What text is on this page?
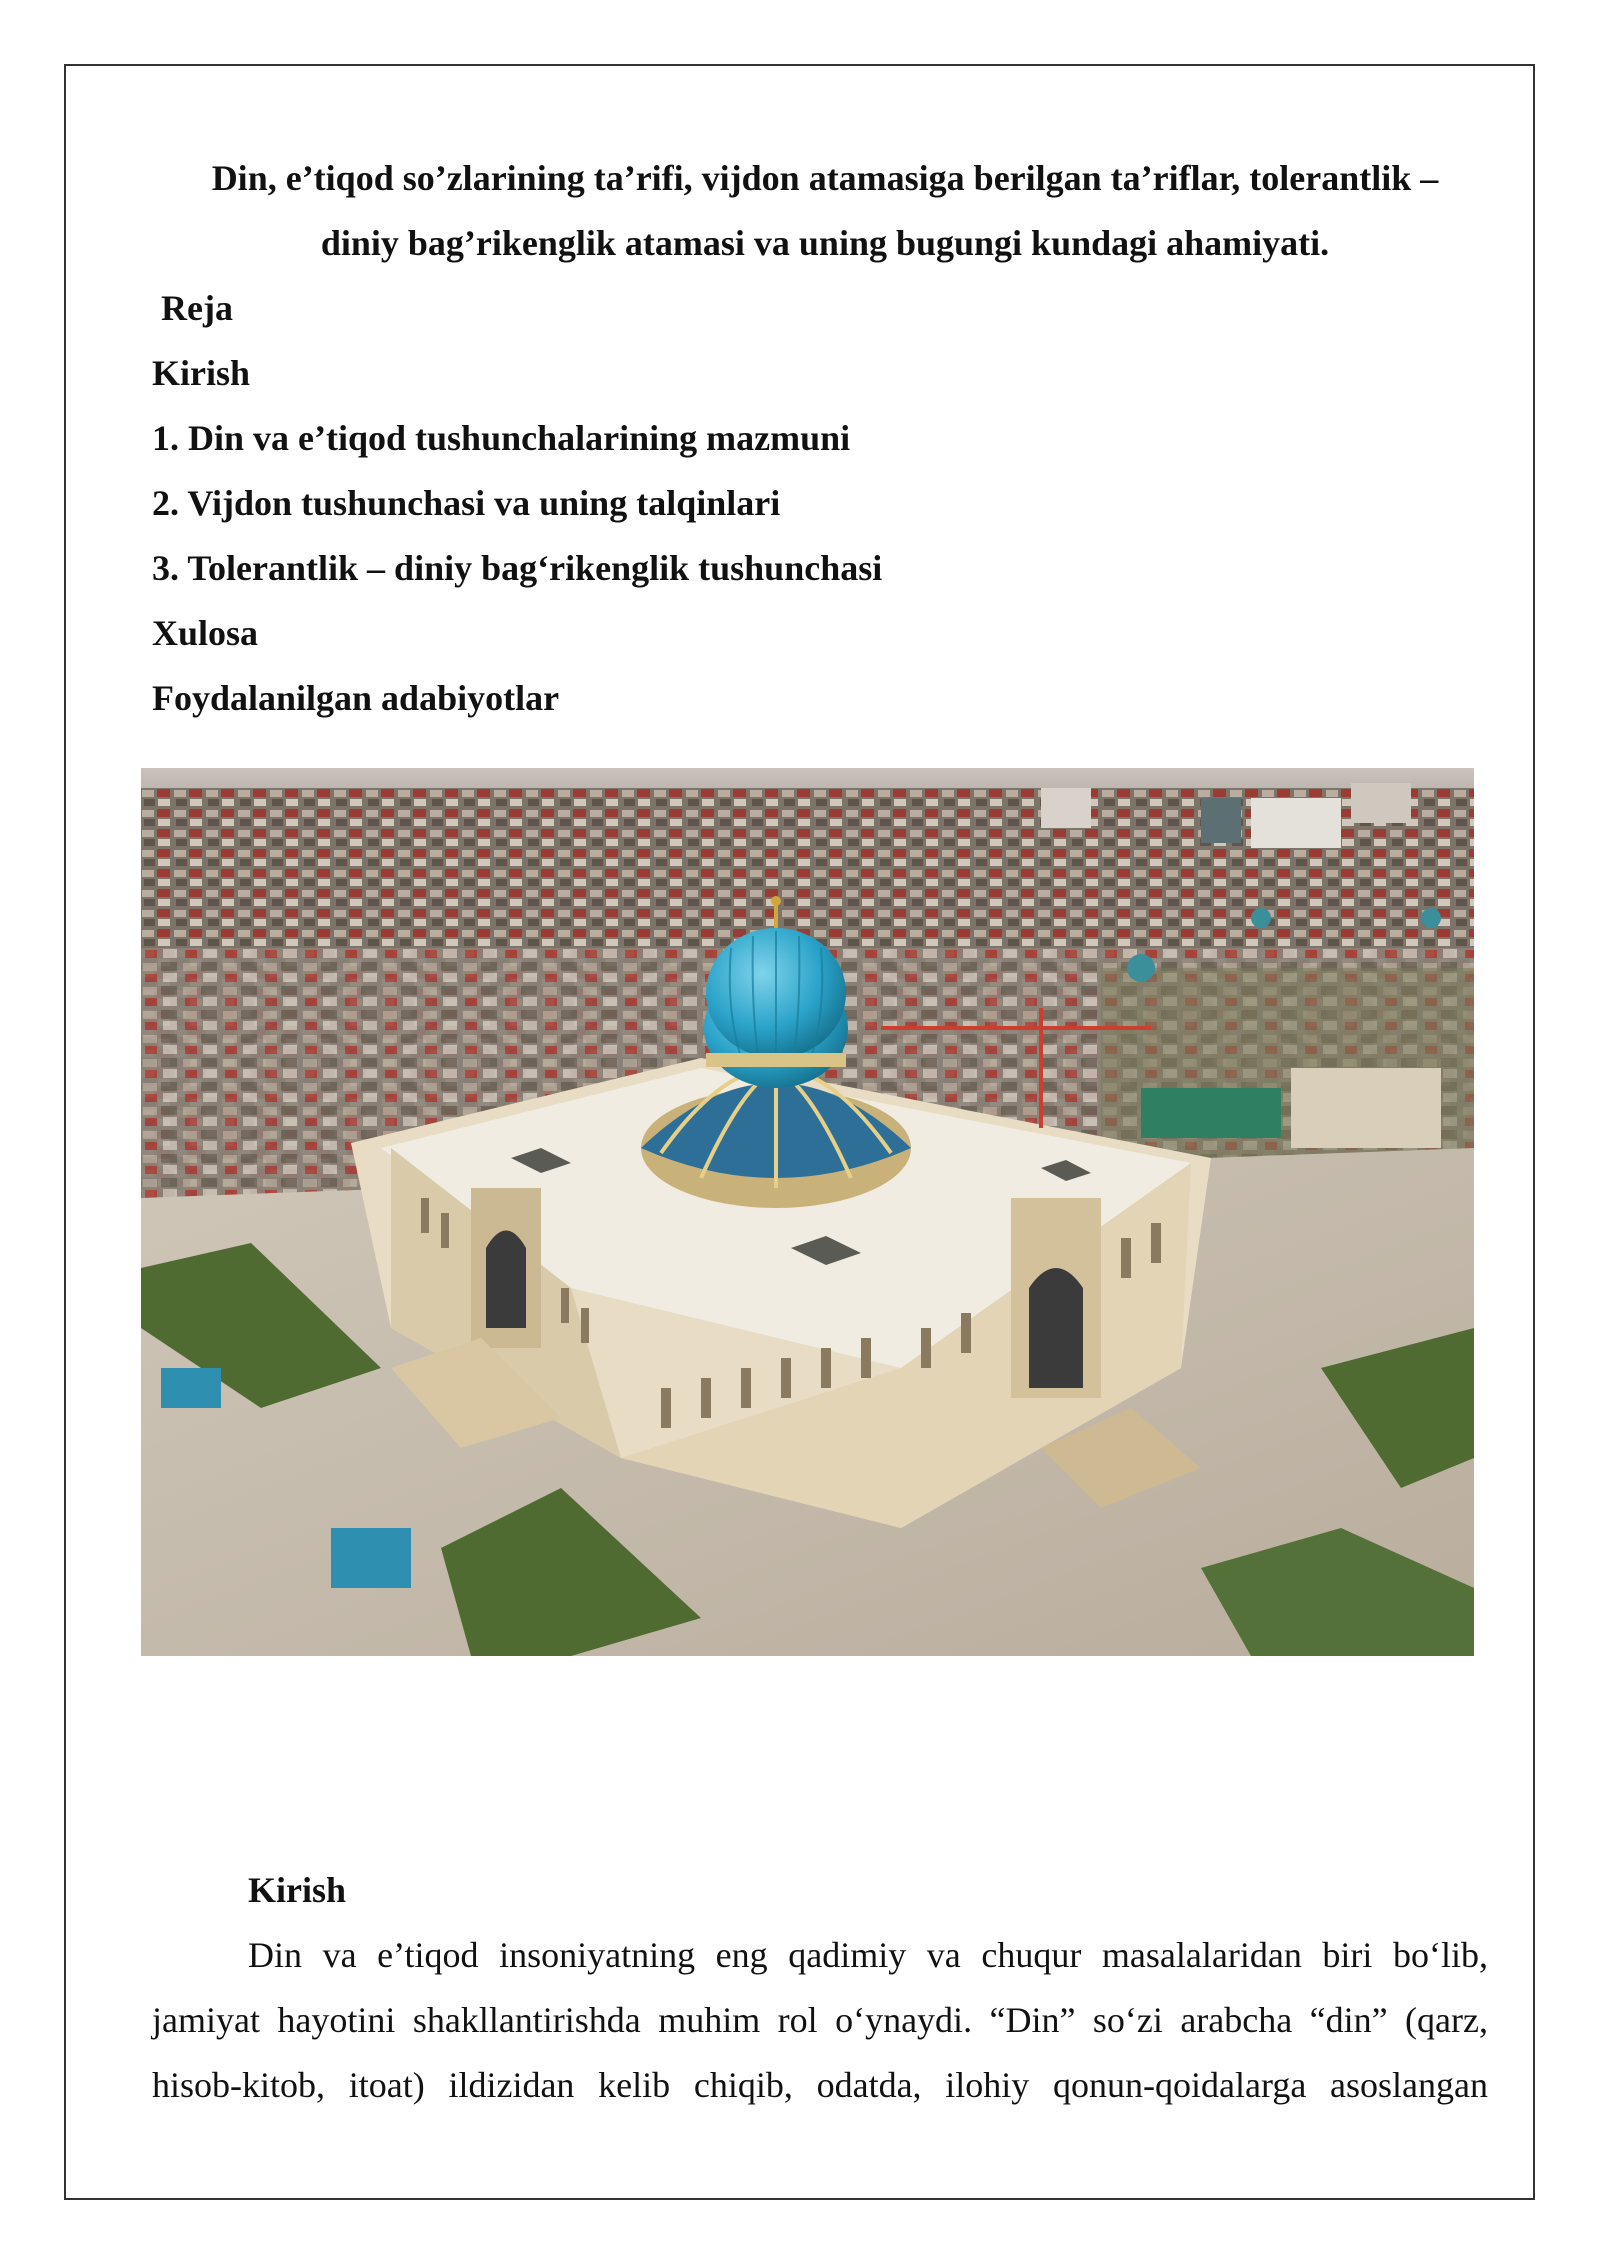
Din, e’tiqod so’zlarining ta’rifi, vijdon atamasiga berilgan ta’riflar, tolerantlik –
diniy bag’rikenglik atamasi va uning bugungi kundagi ahamiyati.
Reja
Kirish
1. Din va e’tiqod tushunchalarining mazmuni
2. Vijdon tushunchasi va uning talqinlari
3. Tolerantlik – diniy bag‘rikenglik tushunchasi
Xulosa
Foydalanilgan adabiyotlar
Kirish

Din va e’tiqod insoniyatning eng qadimiy va chuqur masalalaridan biri bo‘lib, jamiyat hayotini shakllantirishda muhim rol o‘ynaydi. “Din” so‘zi arabcha “din” (qarz, hisob-kitob, itoat) ildizidan kelib chiqib, odatda, ilohiy qonun-qoidalarga asoslangan
